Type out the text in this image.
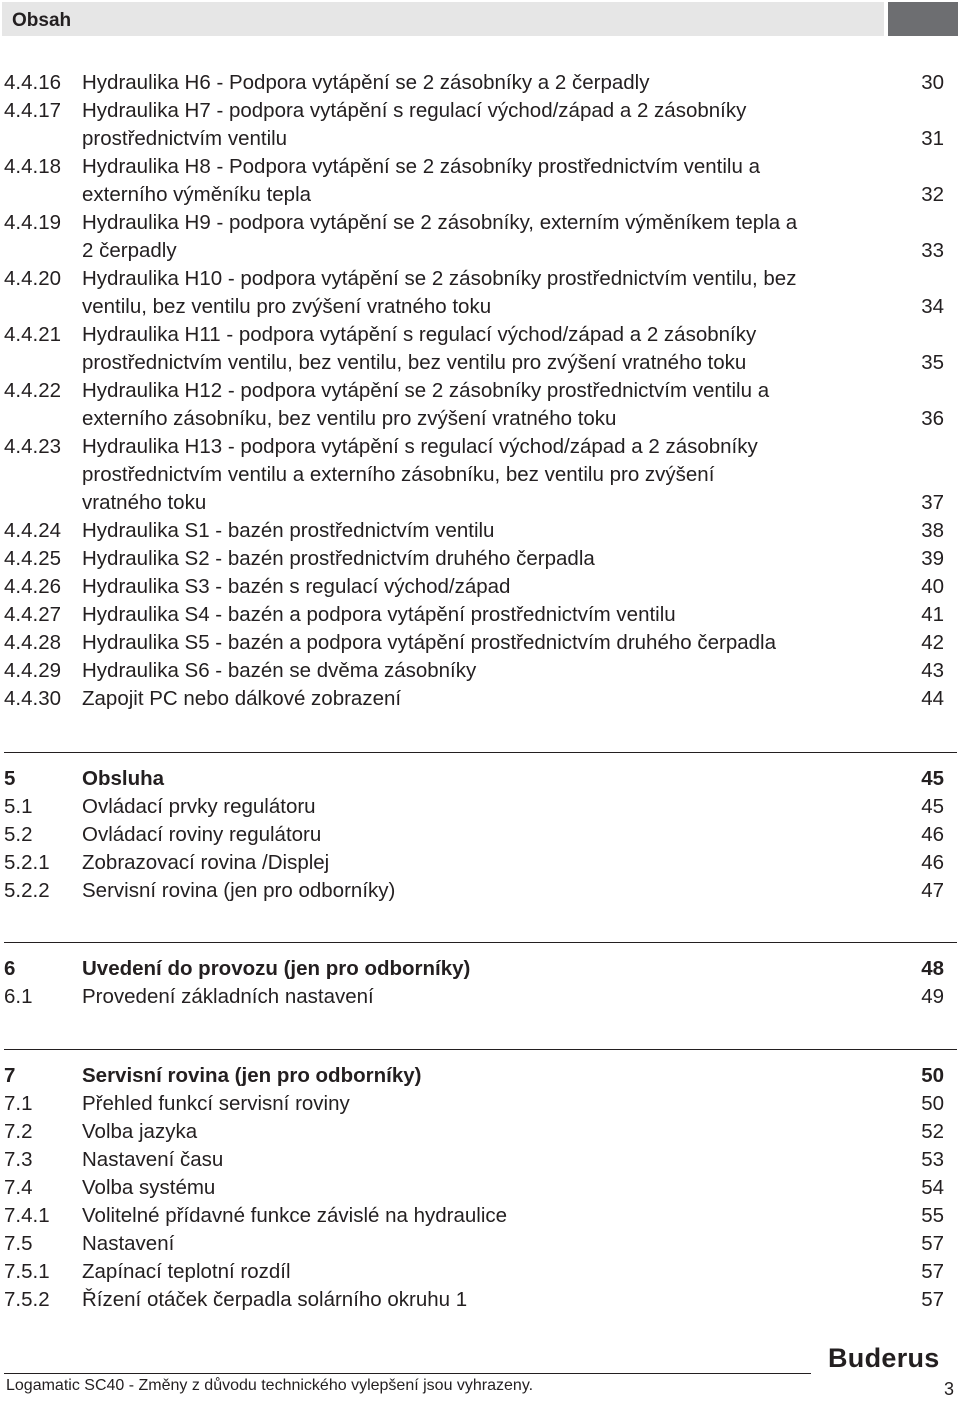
Obsah
4.4.16 Hydraulika H6 - Podpora vytápění se 2 zásobníky a 2 čerpadly	30
4.4.17 Hydraulika H7 - podpora vytápění s regulací východ/západ a 2 zásobníky
prostřednictvím ventilu	31
4.4.18 Hydraulika H8 - Podpora vytápění se 2 zásobníky prostřednictvím ventilu a
externího výměníku tepla	32
4.4.19 Hydraulika H9 - podpora vytápění se 2 zásobníky, externím výměníkem tepla a
2 čerpadly	33
4.4.20 Hydraulika H10 - podpora vytápění se 2 zásobníky prostřednictvím ventilu, bez
ventilu, bez ventilu pro zvýšení vratného toku	34
4.4.21 Hydraulika H11 - podpora vytápění s regulací východ/západ a 2 zásobníky
prostřednictvím ventilu, bez ventilu, bez ventilu pro zvýšení vratného toku	35
4.4.22 Hydraulika H12 - podpora vytápění se 2 zásobníky prostřednictvím ventilu a
externího zásobníku, bez ventilu pro zvýšení vratného toku	36
4.4.23 Hydraulika H13 - podpora vytápění s regulací východ/západ a 2 zásobníky
prostřednictvím ventilu a externího zásobníku, bez ventilu pro zvýšení
vratného toku	37
4.4.24 Hydraulika S1 - bazén prostřednictvím ventilu	38
4.4.25 Hydraulika S2 - bazén prostřednictvím druhého čerpadla	39
4.4.26 Hydraulika S3 - bazén s regulací východ/západ	40
4.4.27 Hydraulika S4 - bazén a podpora vytápění prostřednictvím ventilu	41
4.4.28 Hydraulika S5 - bazén a podpora vytápění prostřednictvím druhého čerpadla	42
4.4.29 Hydraulika S6 - bazén se dvěma zásobníky	43
4.4.30 Zapojit PC nebo dálkové zobrazení	44
5	Obsluha	45
5.1 Ovládací prvky regulátoru	45
5.2 Ovládací roviny regulátoru	46
5.2.1 Zobrazovací rovina /Displej	46
5.2.2 Servisní rovina (jen pro odborníky)	47
6	Uvedení do provozu (jen pro odborníky)	48
6.1 Provedení základních nastavení	49
7	Servisní rovina (jen pro odborníky)	50
7.1 Přehled funkcí servisní roviny	50
7.2 Volba jazyka	52
7.3 Nastavení času	53
7.4 Volba systému	54
7.4.1 Volitelné přídavné funkce závislé na hydraulice	55
7.5 Nastavení	57
7.5.1 Zapínací teplotní rozdíl	57
7.5.2 Řízení otáček čerpadla solárního okruhu 1	57
Buderus
Logamatic SC40 - Změny z důvodu technického vylepšení jsou vyhrazeny.	3
